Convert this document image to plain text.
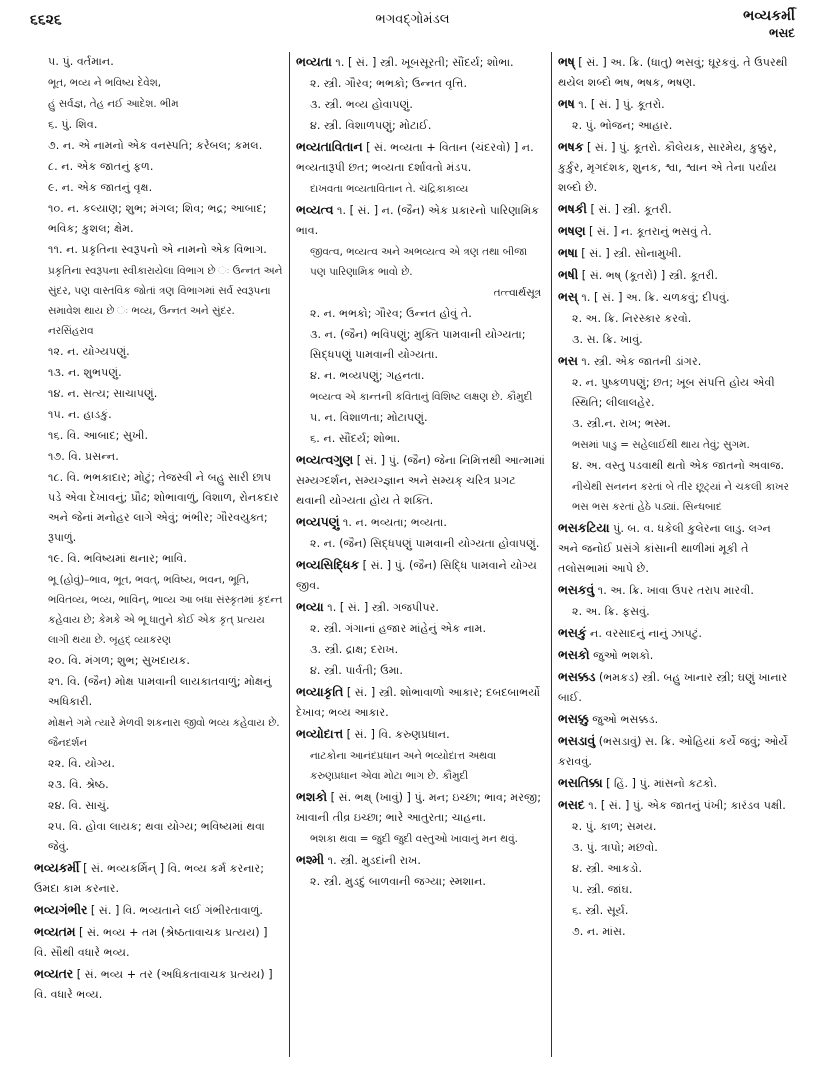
૬૬૨૬	ભગવદ્ગોમંડલ	ભવ્યકર્મી
ભસદ
૫. પું. વર્તમાન.
ભૂત, ભવ્ય ને ભવિષ્ય દેવેશ,
હું સર્વજ્ઞ, તેહ નઈ આદેશ. ભીમ
૬. પું. શિવ.
૭. ન. એ નામનો એક વનસ્પતિ; કરેબલ; કમલ.
૮. ન. એક જાતનું ફળ.
૯. ન. એક જાતનું વૃક્ષ.
૧૦. ન. કલ્યાણ; શુભ; મંગલ; શિવ; ભદ્ર; આબાદ; ભવિક; કુશલ; ક્ષેમ.
૧૧. ન. પ્રકૃતિના સ્વરૂપનો એ નામનો એક વિભાગ.
પ્રકૃતિના સ્વરૂપના સ્વીકારાયેલા વિભાગ છે ઃ ઉન્નત અને સુંદર, પણ વાસ્તવિક જોતાં ત્રણ વિભાગમાં સર્વ સ્વરૂપના સમાવેશ થાય છે ઃ ભવ્ય, ઉન્નત અને સુંદર. નરસિંહરાવ
૧૨. ન. યોગ્યપણું.
૧૩. ન. શુભપણું.
૧૪. ન. સત્ય; સાચાપણું.
૧૫. ન. હાડકું.
૧૬. વિ. આબાદ; સુખી.
૧૭. વિ. પ્રસન્ન.
૧૮. વિ. ભભકાદાર; મોટું; તેજસ્વી ને બહુ સારી છાપ પડે એવા દેખાવનું; પ્રૌઢ; શોભાવાળું, વિશાળ, રોનકદાર અને જેનાં મનોહર લાગે એવું; ભંભીર; ગૌરવયુક્ત; રૂપાળું.
૧૯. વિ. ભવિષ્યમાં થનાર; ભાવિ.
ભૂ (હોવું)–ભાવ, ભૂત, ભવત્, ભવિષ્ય, ભવન, ભૂતિ, ભવિતવ્ય, ભવ્ય, ભાવિન્, ભાવ્ય આ બધા સંસ્કૃતમાં કૃદન્ત કહેવાય છે; કેમકે એ ભૂ ધાતુને કોઈ એક કૃત્ પ્રત્યય લાગી થયા છે. બૃહદ્ વ્યાકરણ
૨૦. વિ. મંગળ; શુભ; સુખદાયક.
૨૧. વિ. (જૈન) મોક્ષ પામવાની લાયકાતવાળું; મોક્ષનું અધિકારી.
મોક્ષને ગમે ત્યારે મેળવી શકનારા જીવો ભવ્ય કહેવાય છે. જૈનદર્શન
૨૨. વિ. યોગ્ય.
૨૩. વિ. શ્રેષ્ઠ.
૨૪. વિ. સાચું.
૨૫. વિ. હોવા લાયક; થવા યોગ્ય; ભવિષ્યમાં થવા જેવું.
ભવ્યકર્મી [ સં. ભવ્યકર્મિન્ ] વિ. ભવ્ય કર્મ કરનાર; ઉમદા કામ કરનાર.
ભવ્યગંભીર [ સં. ] વિ. ભવ્યતાને લઈ ગંભીરતાવાળું.
ભવ્યતમ [ સં. ભવ્ય + તમ (શ્રેષ્ઠતાવાચક પ્રત્યય) ] વિ. સૌથી વધારે ભવ્ય.
ભવ્યતર [ સં. ભવ્ય + તર (અધિકતાવાચક પ્રત્યય) ] વિ. વધારે ભવ્ય.
ભવ્યતા ૧. [ સં. ] સ્ત્રી. ખૂબસૂરતી; સૌંદર્ય; શોભા.
૨. સ્ત્રી. ગૌરવ; ભભકો; ઉન્નત વૃત્તિ.
૩. સ્ત્રી. ભવ્ય હોવાપણું.
૪. સ્ત્રી. વિશાળપણું; મોટાઈ.
ભવ્યતાવિતાન [ સં. ભવ્યતા + વિતાન (ચંદરવો) ] ન. ભવ્યતારૂપી છત; ભવ્યતા દર્શાવતો મંડપ.
દાખવતા ભવ્યતાવિતાન તે. ચંદ્રિકાકાવ્ય
ભવ્યત્વ ૧. [ સં. ] ન. (જૈન) એક પ્રકારનો પારિણામિક ભાવ.
જીવત્વ, ભવ્યત્વ અને અભવ્યત્વ એ ત્રણ તથા બીજા પણ પારિણામિક ભાવો છે.
તત્ત્વાર્થસૂત્ર
૨. ન. ભભકો; ગૌરવ; ઉન્નત હોવું તે.
૩. ન. (જૈન) ભવિપણું; મુક્તિ પામવાની યોગ્યતા; સિદ્ધપણું પામવાની યોગ્યતા.
૪. ન. ભવ્યપણું; ગહનતા.
ભવ્યત્વ એ કાન્તની કવિતાનું વિશિષ્ટ લક્ષણ છે. કૌમુદી
૫. ન. વિશાળતા; મોટાપણું.
૬. ન. સૌંદર્ય; શોભા.
ભવ્યત્વગુણ [ સં. ] પું. (જૈન) જેના નિમિત્તથી આત્મામાં સમ્યગ્દર્શન, સમ્યગ્જ્ઞાન અને સમ્યક્ ચરિત્ર પ્રગટ થવાની યોગ્યતા હોય તે શક્તિ.
ભવ્યપણું ૧. ન. ભવ્યતા; ભવ્યતા.
૨. ન. (જૈન) સિદ્ધપણું પામવાની યોગ્યતા હોવાપણું.
ભવ્યસિદ્ધિક [ સં. ] પું. (જૈન) સિદ્ધિ પામવાને યોગ્ય જીવ.
ભવ્યા ૧. [ સં. ] સ્ત્રી. ગજપીપર.
૨. સ્ત્રી. ગંગાનાં હજાર માંહેનું એક નામ.
૩. સ્ત્રી. દ્રાક્ષ; દરાખ.
૪. સ્ત્રી. પાર્વતી; ઉમા.
ભવ્યાકૃતિ [ સં. ] સ્ત્રી. શોભાવાળો આકાર; દબદબાભર્યો દેખાવ; ભવ્ય આકાર.
ભવ્યોદાત્ત [ સં. ] વિ. કરુણપ્રધાન.
નાટકોના આનંદપ્રધાન અને ભવ્યોદાત્ત અથવા કરુણપ્રધાન એવા મોટા ભાગ છે. કૌમુદી
ભશકો [ સં. ભક્ષ્ (ખાવું) ] પું. મન; ઇચ્છા; ભાવ; મરજી; ખાવાની તીવ્ર ઇચ્છા; ભારે આતુરતા; ચાહના.
ભશકા થવા = જુદી જુદી વસ્તુઓ ખાવાનું મન થવું.
ભશ્મી ૧. સ્ત્રી. મુડદાંની રાખ.
૨. સ્ત્રી. મુડદું બાળવાની જગ્યા; સ્મશાન.
ભષ્ [ સં. ] અ. ક્રિ. (ધાતુ) ભસવું; ઘૂરકવું. તે ઉપરથી થયેલ શબ્દો ભષ, ભષક, ભષણ.
ભષ ૧. [ સં. ] પું. કૂતરો.
૨. પું. ભોજન; આહાર.
ભષક [ સં. ] પું. કૂતરો. કૌલેયક, સારમેય, કુક્કુર, કુર્કુર, મૃગદંશક, શુનક, શ્વા, શ્વાન એ તેના પર્યાય શબ્દો છે.
ભષકી [ સં. ] સ્ત્રી. કૂતરી.
ભષણ [ સં. ] ન. કૂતરાનું ભસવું તે.
ભષા [ સં. ] સ્ત્રી. સોનામુખી.
ભષી [ સં. ભષ્ (કૂતરો) ] સ્ત્રી. કૂતરી.
ભસ્ ૧. [ સં. ] અ. ક્રિ. ચળકવું; દીપવું.
૨. અ. ક્રિ. નિરસ્કાર કરવો.
૩. સ. ક્રિ. ખાવું.
ભસ ૧. સ્ત્રી. એક જાતની ડાંગર.
૨. ન. પુષ્કળપણું; છત; ખૂબ સંપત્તિ હોય એવી સ્થિતિ; લીલાલહેર.
૩. સ્ત્રી.ન. રાખ; ભસ્મ.
ભસમાં પાડુ = સહેલાઈથી થાય તેવું; સુગમ.
૪. અ. વસ્તુ પડવાથી થતો એક જાતનો અવાજ.
નીચેથી સનનન કરતાં બે તીર છૂટ્યાં ને ચકલી કાખર ભસ ભસ કરતાં હેઠે પડ્યાં. સિન્ધબાદ
ભસકટિયા પું. બ. વ. ધકેલી કુલેરના લાડુ. લગ્ન અને જનોઈ પ્રસંગે કાંસાની થાળીમાં મૂકી તે તલોસભામાં આપે છે.
ભસકવું ૧. અ. ક્રિ. ખાવા ઉપર તરાપ મારવી.
૨. અ. ક્રિ. ફસવું.
ભસકું ન. વરસાદનું નાનું ઝાપટું.
ભસકો જુઓ ભશકો.
ભસક્કડ (ભમકડ) સ્ત્રી. બહુ ખાનાર સ્ત્રી; ઘણું ખાનાર બાઈ.
ભસક્કુ જુઓ ભસક્કડ.
ભસડાવું (ભસડાવું) સ. ક્રિ. ઓહિયાં કર્યે જવું; ઓર્યે કરાવવું.
ભસતિક્કા [ હિં. ] પું. માંસનો કટકો.
ભસદ ૧. [ સં. ] પું. એક જાતનું પંખી; કારંડવ પક્ષી.
૨. પું. કાળ; સમય.
૩. પું. ત્રાપો; મછવો.
૪. સ્ત્રી. આકડો.
૫. સ્ત્રી. જાંઘ.
૬. સ્ત્રી. સૂર્ય.
૭. ન. માંસ.
